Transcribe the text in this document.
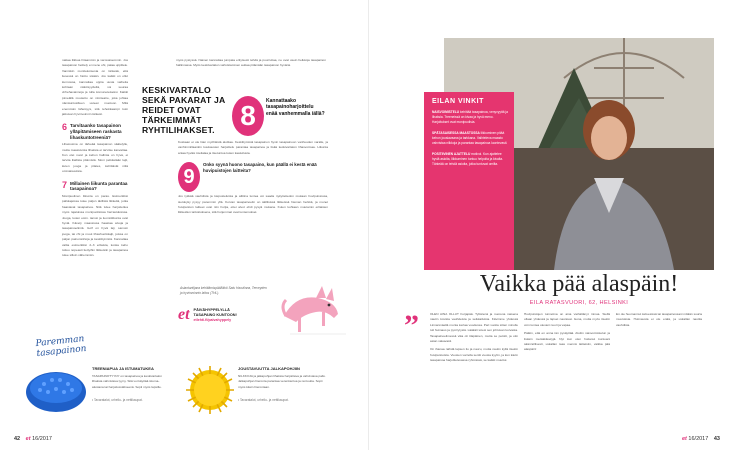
nattaa liikkua hitaammin ja varovaisemmin. Jos tasapainon heittely ei mene ohi, palaa uppiliele. Vamiskin monitekoisesta on tärkeää, että liesessä on hiottu sisään. Jos kaikki on ollut kunnossa, kannattaa oppia uusia vaiheita kohtaan näköisyydeltä, voi seuraa virhehavainnoja ja tulla komuneteiseksi. Kaikki pimeällä muutettu on nimiteatre, joka johtaa nämäuntusilleen uuteen muotoon. Mitä enemmän läheisyys, sitä tehokkaampi kuin jatkuvan hyvinvoinnin tärkeät.
6 Tarvitaanko tasapainon ylläpitämiseen raskasta lihaskuntotreeniä?
Lihasvoima on tärkeää tasapainon säätelylle, mutta maasivuista lihaksia ei tarvitse kasvattaa. Kun olet nuori ja kehon hallinta on hyvä, ei tarvita liiallista pitämistä. Moni pelkästään lajit, kuten jooga ja pilates, kehittävät niitä ominaisuuksia.
7 Millainen liikunta parantaa tasapainoa?
Monipuolinen liikunta on paras. Esimerkiksi pallolajeissa tulee paljon äkillisiä liikkeitä, jotka haastavat tasapainoa. Nitä tulee harjoitettua myös rajatuissa monipuolisissa harrastuksissa. Jooga, kuten esim. tanssi ja luontoliikunta ovat hyviä. Kävely maastossa haastaa aivoja ja tasapainoelimiä. Golf on hyvä laji, samoin jooga, tai chi ja muut lihashuoltolajit, joissa on paljon painonsiirtoja ja keskittymistä. Kannattaa valita esimerkiksi 2–3 erilaista, koska keho tottuu nopeasti tiettyihin liikkeisiin ja tasapainoa tulee silloin vähemmän.
myös pystyssä. Nainen kannattaa jumpata erityisesti tehdä ja puurruttaa, ne ovat usein heikkoja tasapainon hallinnassa. Myös keskivartalon vahvistaminen auttaa pitämään tasapainon hyvänä.
KESKIVARTALO SEKÄ PAKARAT JA REIDET OVAT TÄRKEIMMÄT RYHTILIHAKSET. 8	Kannattaako tasapainoharjoittelu enää vanhemmalla iällä?
Koskaan ei ole liian myöhäistä aloittaa. Keskittymistä tasapainon hyvin tasapainoon vanhuuden varalle, ja vanhimmillaankin kuukausien harjoittelu parantaa tasapainoa ja lisää keskivartalon lihasvoimaa. Liikunta antaa hyvää mielialaa ja itsetuntoa kuten kaatuilusta.
9
Onko syynä huono tasapaino, kun päällä ei kestä enää huvipuistojen laitteita?
Jos tykkää vauhdista ja kiepusteluista ja alttiina tuntea voi saada nykytietiedon mukaan huvipuistossa, sietokyky pysyy paremmin yllä. Korvan tasapainoelin on äkillisissä liikkeissä hieman herkkä, ja monet huvipuiston laitteet ovat niin hurjia, ettei aivot ehdi pysyä mukana. Kuten kohtaan muutamin erilaisten liikkeiden tarkoituksena, sitä hurjemmat ovat tuntemukset.
Asiantuntijana kehittämispäällikkö Satu Havulinna, Terveyden ja hyvinvoinnin laitos (THL).
et PÄIVÄHYPPELYLLÄ TASAPAINO KUNTOON!
etlehti.fi/paivahyppely
Paremman tasapainon
TREENIAPUA JA ISTUMATUKEA
TASAPAINOTYYNY on tasapainoa ja keskivartalon lihaksia vahvistava tyyny. Sitä voi käyttää istuma-alustana tai harjoitusvälineenä. Sopii myös lapsille.
• Tavaratalot, urheilu- ja nettikaupat.
JOUSTAVUUTTA JALKAPOHJIIN
NILKKOJA ja jalkapohjan lihaksia harjoittava ja vahvistava pallo. Jalkapohjan hieronta parantaa verenkiertoa ja rentoutta. Sopii myös käsin hierontaan.
• Tavaratalot, urheilu- ja nettikaupat.
42 et 16/2017
EILAN VINKIT
NAISVOIMISTELU kehittää tasapainoa, venyvyyttä ja lihaksia. Treeneissä on kivaa ja hyvä meno. Harjoitukset ovat monipuolisia.
SPÄTASAISESSA MAASTOSSA liikkuminen pitää kehon jousiavaana ja tarkkana. Vaihteleva maasto vahvistaa nilkkoja ja parantaa tasapainoa luontevasti.
POSITIIVINEN AJATTELU motivoi. Kun ajattelee hyviä asioita, liikkuminen tuntuu helpolta ja kivalta. Tärkeää on tehdä asioita, jotka tuntuvat omilta.
Vaikka pää alaspäin!
EILA RATASVUORI, 62, HELSINKI
”	OLEN AINA OLLUT hurjapää. Tyttärenä ja nuorena naisena nautin kovista vauhdeista ja seikkailuista. Kävimme yhdessä Linnanmäellä monta kertaa vuodessa. Pari vuotta sitten minulle tuli huimaus ja pyörrytystä. Lääkäri totesi sen johtuvan korvasta. Tasapainoelimessä vika oli tilapäinen, mutta se pelotti, ja otin asian vakavasti.
On ihanaa nähdä lapsen ilo ja nauru, mutta nautin kyllä itsekin huvipuistoista. Vuosien varrella sentti vuosia kyytin, ja kun kävin tasapainoa harjoittelevassa ryhmässä, se kaikki muuttui.
Huvipuistojen tunnelma on aina viehättänyt minua. Siellä ollaan yhdessä ja lapset nauravat. Isona, mutta myös itsekin voin tuntea olevani nuori ja vapaa.
Päätin, että en anna iän pysäyttää. Aloitin naisvoimistelun ja lisäsin metsäkävelyjä. Nyt kun olen hoitanut kuntoani säännöllisesti, uskallan taas mennä laitteisiin, vaikka pää alaspäin!
En ole huomannut kefeesissä tai tasapainossani mitään suuria muutoksia. Huimausta ei ole enää, ja uskallan nauttia vauhdista.
et 16/2017 43
